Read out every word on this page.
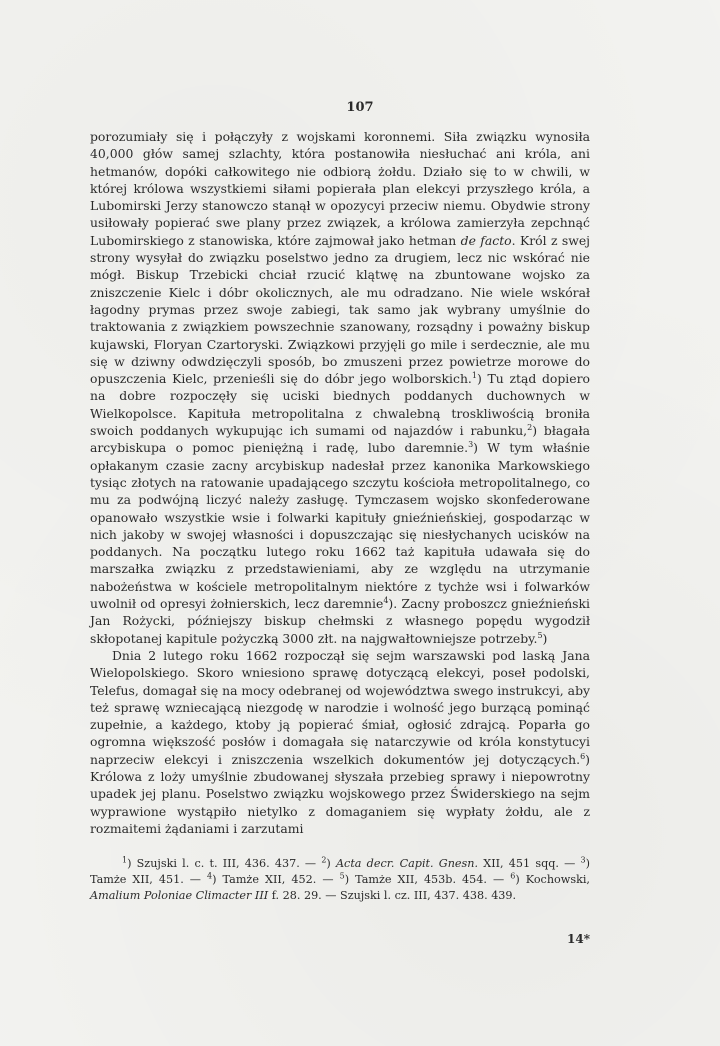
107

porozumiały się i połączyły z wojskami koronnemi. Siła związku wynosiła 40,000 głów samej szlachty, która postanowiła niesłuchać ani króla, ani hetmanów, dopóki całkowitego nie odbiorą żołdu. Działo się to w chwili, w której królowa wszystkiemi siłami popierała plan elekcyi przyszłego króla, a Lubomirski Jerzy stanowczo stanął w opozycyi przeciw niemu. Obydwie strony usiłowały popierać swe plany przez związek, a królowa zamierzyła zepchnąć Lubomirskiego z stanowiska, które zajmował jako hetman de facto. Król z swej strony wysyłał do związku poselstwo jedno za drugiem, lecz nic wskórać nie mógł. Biskup Trzebicki chciał rzucić klątwę na zbuntowane wojsko za zniszczenie Kielc i dóbr okolicznych, ale mu odradzano. Nie wiele wskórał łagodny prymas przez swoje zabiegi, tak samo jak wybrany umyślnie do traktowania z związkiem powszechnie szanowany, rozsądny i poważny biskup kujawski, Floryan Czartoryski. Związkowi przyjęli go mile i serdecznie, ale mu się w dziwny odwdzięczyli sposób, bo zmuszeni przez powietrze morowe do opuszczenia Kielc, przenieśli się do dóbr jego wolborskich.$^1$) Tu ztąd dopiero na dobre rozpoczęły się uciski biednych poddanych duchownych w Wielkopolsce. Kapituła metropolitalna z chwalebną troskliwością broniła swoich poddanych wykupując ich sumami od najazdów i rabunku,$^2$) błagała arcybiskupa o pomoc pieniężną i radę, lubo daremnie.$^3$) W tym właśnie opłakanym czasie zacny arcybiskup nadesłał przez kanonika Markowskiego tysiąc złotych na ratowanie upadającego szczytu kościoła metropolitalnego, co mu za podwójną liczyć należy zasługę. Tymczasem wojsko skonfederowane opanowało wszystkie wsie i folwarki kapituły gnieźnieńskiej, gospodarząc w nich jakoby w swojej własności i dopuszczając się niesłychanych ucisków na poddanych. Na początku lutego roku 1662 taż kapituła udawała się do marszałka związku z przedstawieniami, aby ze względu na utrzymanie nabożeństwa w kościele metropolitalnym niektóre z tychże wsi i folwarków uwolnił od opresyi żołnierskich, lecz daremnie$^4$). Zacny proboszcz gnieźnieński Jan Rożycki, późniejszy biskup chełmski z własnego popędu wygodził skłopotanej kapitule pożyczką 3000 złt. na najgwałtowniejsze potrzeby.$^5$)

Dnia 2 lutego roku 1662 rozpoczął się sejm warszawski pod laską Jana Wielopolskiego. Skoro wniesiono sprawę dotyczącą elekcyi, poseł podolski, Telefus, domagał się na mocy odebranej od województwa swego instrukcyi, aby też sprawę wzniecającą niezgodę w narodzie i wolność jego burzącą pominąć zupełnie, a każdego, ktoby ją popierać śmiał, ogłosić zdrajcą. Poparła go ogromna większość posłów i domagała się natarczywie od króla konstytucyi naprzeciw elekcyi i zniszczenia wszelkich dokumentów jej dotyczących.$^6$) Królowa z loży umyślnie zbudowanej słyszała przebieg sprawy i niepowrotny upadek jej planu. Poselstwo związku wojskowego przez Świderskiego na sejm wyprawione wystąpiło nietylko z domaganiem się wypłaty żołdu, ale z rozmaitemi żądaniami i zarzutami

$^1$) Szujski l. c. t. III, 436. 437. — $^2$) Acta decr. Capit. Gnesn. XII, 451 sqq. — $^3$) Tamże XII, 451. — $^4$) Tamże XII, 452. — $^5$) Tamże XII, 453b. 454. — $^6$) Kochowski, Amalium Poloniae Climacter III f. 28. 29. — Szujski l. cz. III, 437. 438. 439.

14*
